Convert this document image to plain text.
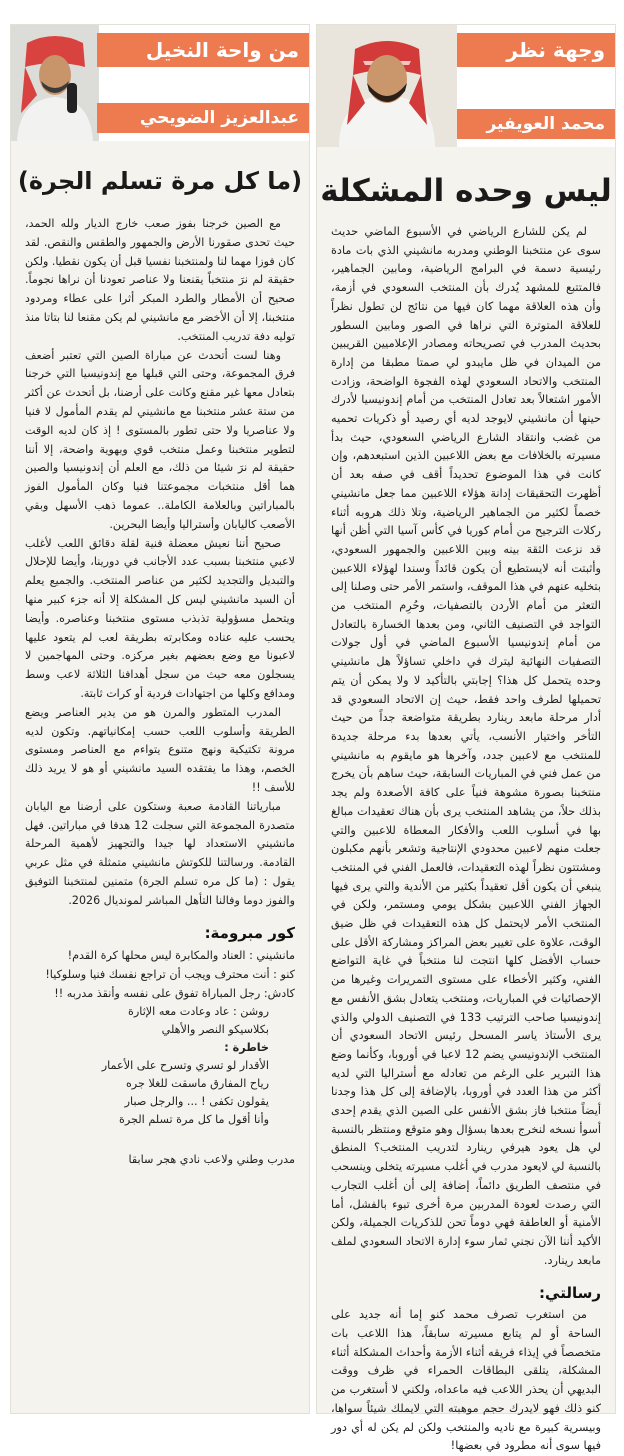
وجهة نظر
محمد العويفير
ليس وحده المشكلة

لم يكن للشارع الرياضي في الأسبوع الماضي حديث سوى عن منتخبنا الوطني ومدربه مانشيني الذي بات مادة رئيسية دسمة في البرامج الرياضية، ومابين الجماهير، فالمتتبع للمشهد يُدرك بأن المنتخب السعودي في أزمة، وأن هذه العلاقة مهما كان فيها من نتائج لن تطول نظراً للعلاقة المتوترة التي نراها في الصور ومابين السطور بحديث المدرب في تصريحاته ومصادر الإعلاميين القريبين من الميدان في ظل مايبدو لي صمتا مطبقا من إدارة المنتخب والاتحاد السعودي لهذه الفجوة الواضحة، وزادت الأمور اشتعالاً بعد تعادل المنتخب من أمام إندونيسيا لأدرك حينها أن مانشيني لايوجد لديه أي رصيد أو ذكريات تحميه من غضب وانتقاد الشارع الرياضي السعودي، حيث بدأ مسيرته بالخلافات مع بعض اللاعبين الذين استبعدهم، وإن كانت في هذا الموضوع تحديداً أقف في صفه بعد أن أظهرت التحقيقات إدانة هؤلاء اللاعبين مما جعل مانشيني خصماً لكثير من الجماهير الرياضية، وتلا ذلك هروبه أثناء ركلات الترجيح من أمام كوريا في كأس آسيا التي أظن أنها قد نزعت الثقة بينه وبين اللاعبين والجمهور السعودي، وأثبتت أنه لايستطيع أن يكون قائداً وسندا لهؤلاء اللاعبين بتخليه عنهم في هذا الموقف، واستمر الأمر حتى وصلنا إلى التعثر من أمام الأردن بالتصفيات، وحُرِم المنتخب من التواجد في التصنيف الثاني، ومن بعدها الخسارة بالتعادل من أمام إندونيسيا الأسبوع الماضي في أول جولات التصفيات النهائية ليترك في داخلي تساؤلاً هل مانشيني وحده يتحمل كل هذا؟ إجابتي بالتأكيد لا ولا يمكن أن يتم تحميلها لطرف واحد فقط، حيث إن الاتحاد السعودي قد أدار مرحلة مابعد رينارد بطريقة متواضعة جداً من حيث التأخر واختيار الأنسب، يأتي بعدها بدء مرحلة جديدة للمنتخب مع لاعبين جدد، وآخرها هو مايقوم به مانشيني من عمل فني في المباريات السابقة، حيث ساهم بأن يخرج منتخبنا بصورة مشوهة فنياً على كافة الأصعدة ولم يجد بذلك حلاً، من يشاهد المنتخب يرى بأن هناك تعقيدات مبالغ بها في أسلوب اللعب والأفكار المعطاة للاعبين والتي جعلت منهم لاعبين محدودي الإنتاجية وتشعر بأنهم مكبلون ومشتتون نظراً لهذه التعقيدات، فالعمل الفني في المنتخب ينبغي أن يكون أقل تعقيداً بكثير من الأندية والتي يرى فيها الجهاز الفني اللاعبين بشكل يومي ومستمر، ولكن في المنتخب الأمر لايحتمل كل هذه التعقيدات في ظل ضيق الوقت، علاوة على تغيير بعض المراكز ومشاركة الأقل على حساب الأفضل كلها انتجت لنا منتخباً في غاية التواضع الفني، وكثير الأخطاء على مستوى التمريرات وغيرها من الإحصائيات في المباريات، ومنتخب يتعادل بشق الأنفس مع إندونيسيا صاحب الترتيب 133 في التصنيف الدولي والذي يرى الأستاذ ياسر المسحل رئيس الاتحاد السعودي أن المنتخب الإندونيسي يضم 12 لاعبا في أوروبا، وكأنما وضع هذا التبرير على الرغم من تعادله مع أستراليا التي لديه أكثر من هذا العدد في أوروبا، بالإضافة إلى كل هذا وجدنا أيضاً منتخبا فاز بشق الأنفس على الصين الذي يقدم إحدى أسوأ نسخه لنخرج بعدها بسؤال وهو متوقع ومنتظر بالنسبة لي هل يعود هيرفي رينارد لتدريب المنتخب؟ المنطق بالنسبة لي لايعود مدرب في أغلب مسيرته يتخلى وينسحب في منتصف الطريق دائماً، إضافة إلى أن أغلب التجارب التي رصدت لعودة المدربين مرة أخرى تبوء بالفشل، أما الأمنية أو العاطفة فهي دوماً تحن للذكريات الجميلة، ولكن الأكيد أننا الآن نجني ثمار سوء إدارة الاتحاد السعودي لملف مابعد رينارد.

رسالتي:

من استغرب تصرف محمد كنو إما أنه جديد على الساحة أو لم يتابع مسيرته سابقاً، هذا اللاعب بات متخصصاً في إيذاء فريقه أثناء الأزمة وأحداث المشكلة أثناء المشكلة، يتلقى البطاقات الحمراء في ظرف ووقت البديهي أن يحذر اللاعب فيه ماعداه، ولكني لا أستغرب من كنو ذلك فهو لايدرك حجم موهبته التي لايملك شيئاً سواها، وبيسرية كبيرة مع ناديه والمنتخب ولكن لم يكن له أي دور فيها سوى أنه مطرود في بعضها!

من واحة النخيل
عبدالعزيز الضويحي
(ما كل مرة تسلم الجرة)

مع الصين خرجنا بفوز صعب خارج الديار ولله الحمد، حيث تحدى صقورنا الأرض والجمهور والطقس والنقص. لقد كان فوزا مهما لنا ولمنتخبنا نفسيا قبل أن يكون نقطيا. ولكن حقيقة لم نرَ منتخباً يقنعنا ولا عناصر تعودنا أن نراها نجوماً. صحيح أن الأمطار والطرد المبكر أثرا على عطاء ومردود منتخبنا، إلا أن الأخضر مع مانشيني لم يكن مقنعا لنا بتاتا منذ توليه دفة تدريب المنتخب.

وهنا لست أتحدث عن مباراة الصين التي تعتبر أضعف فرق المجموعة، وحتى التي قبلها مع إندونيسيا التي خرجنا بتعادل معها غير مقنع وكانت على أرضنا، بل أتحدث عن أكثر من ستة عشر منتخبنا مع مانشيني لم يقدم المأمول لا فنيا ولا عناصريا ولا حتى تطور بالمستوى ! إذ كان لديه الوقت لتطوير منتخبنا وعمل منتخب قوي وبهوية واضحة، إلا أننا حقيقة لم نرَ شيئا من ذلك، مع العلم أن إندونيسيا والصين هما أقل منتخبات مجموعتنا فنيا وكان المأمول الفوز بالمباراتين وبالعلامة الكاملة.. عموما ذهب الأسهل وبقي الأصعب كاليابان وأستراليا وأيضا البحرين.

صحيح أننا نعيش معضلة فنية لقلة دقائق اللعب لأغلب لاعبي منتخبنا بسبب عدد الأجانب في دورينا، وأيضا للإحلال والتبديل والتجديد لكثير من عناصر المنتخب. والجميع يعلم أن السيد مانشيني ليس كل المشكلة إلا أنه جزء كبير منها ويتحمل مسؤولية تذبذب مستوى منتخبنا وعناصره. وأيضا يحسب عليه عناده ومكابرته بطريقة لعب لم يتعود عليها لاعبونا مع وضع بعضهم بغير مركزه. وحتى المهاجمين لا يسجلون معه حيث من سجل أهدافنا الثلاثة لاعب وسط ومدافع وكلها من اجتهادات فردية أو كرات ثابتة.

المدرب المتطور والمرن هو من يدير العناصر ويضع الطريقة وأسلوب اللعب حسب إمكانياتهم. وتكون لديه مرونة تكتيكية ونهج متنوع يتواءم مع العناصر ومستوى الخصم، وهذا ما يفتقده السيد مانشيني أو هو لا يريد ذلك للأسف !!

مبارياتنا القادمة صعبة وستكون على أرضنا مع اليابان متصدرة المجموعة التي سجلت 12 هدفا في مباراتين. فهل مانشيني الاستعداد لها جيدا والتجهيز لأهمية المرحلة القادمة. ورسالتنا للكوتش مانشيني متمثلة في مثل عربي يقول : (ما كل مره تسلم الجرة) متمنين لمنتخبنا التوفيق والفوز دوما وفالنا التأهل المباشر لمونديال 2026.

كور مبرومة:
مانشيني : العناد والمكابرة ليس محلها كرة القدم!
كنو : أنت محترف ويجب أن تراجع نفسك فنيا وسلوكيا!
كادش: رجل المباراة تفوق على نفسه وأنقذ مدربه !!
روشن : عاد وعادت معه الإثارة
بكلاسيكو النصر والأهلي
خاطرة :
الأقدار لو تسري وتسرح على الأعمار
رياح المفارق ماسقت للغلا جره
يقولون تكفى ! ... والرجل صبار
وأنا أقول ما كل مرة تسلم الجرة
مدرب وطني ولاعب نادي هجر سابقا
